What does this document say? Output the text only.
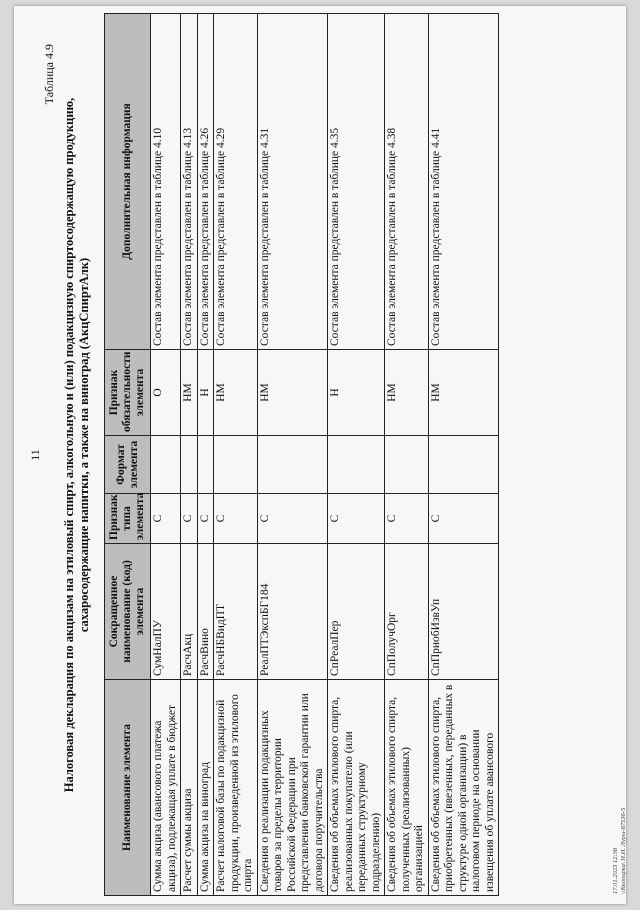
11
Таблица 4.9
Налоговая декларация по акцизам на этиловый спирт, алкогольную и (или) подакцизную спиртосодержащую продукцию, сахаросодержащие напитки, а также на виноград (АкцСпиртАлк)
Наименование элемента	Сокращенное наименование (код) элемента	Признак типа элемента	Формат элемента	Признак обязательности элемента	Дополнительная информация
Сумма акциза (авансового платежа акциза), подлежащая уплате в бюджет	СумНалПУ	С		О	Состав элемента представлен в таблице 4.10
Расчет суммы акциза	РасчАкц	С		НМ	Состав элемента представлен в таблице 4.13
Сумма акциза на виноград	РасчВино	С		Н	Состав элемента представлен в таблице 4.26
Расчет налоговой базы по подакцизной продукции, произведенной из этилового спирта	РасчНБВидПТ	С		НМ	Состав элемента представлен в таблице 4.29
Сведения о реализации подакцизных товаров за пределы территории Российской Федерации при представлении банковской гарантии или договора поручительства	РеалПТЭкспБГ184	С		НМ	Состав элемента представлен в таблице 4.31
Сведения об объемах этилового спирта, реализованных покупателю (или переданных структурному подразделению)	СпРеалПер	С		Н	Состав элемента представлен в таблице 4.35
Сведения об объемах этилового спирта, полученных (реализованных) организацией	СпПолучОрг	С		НМ	Состав элемента представлен в таблице 4.38
Сведения об объемах этилового спирта, приобретенных (ввезенных, переданных в структуре одной организации) в налоговом периоде на основании извещения об уплате авансового	СпПриобИзвУп	С		НМ	Состав элемента представлен в таблице 4.41
17.01.2023 12:38 \\Ккопирка\ Н.И. Луры-87536-5
